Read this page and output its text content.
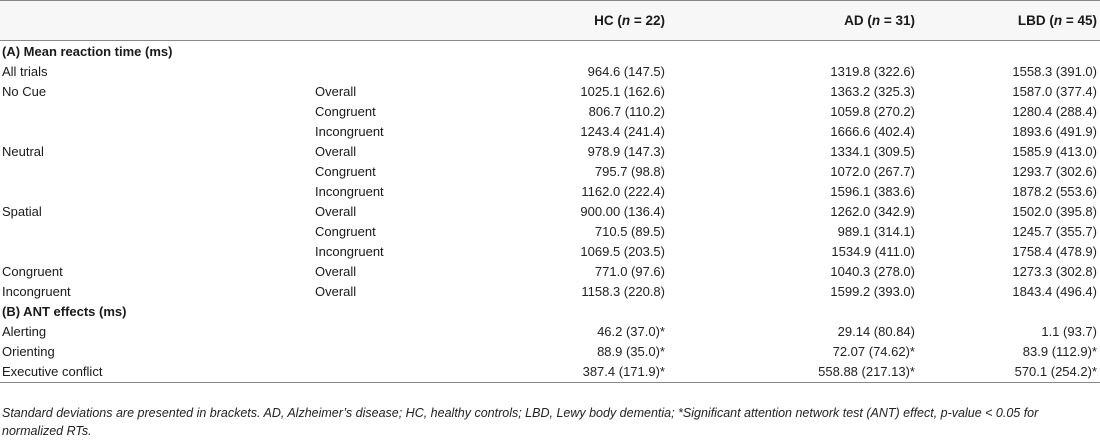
		HC (n = 22)	AD (n = 31)	LBD (n = 45)
(A) Mean reaction time (ms)				
All trials		964.6 (147.5)	1319.8 (322.6)	1558.3 (391.0)
No Cue	Overall	1025.1 (162.6)	1363.2 (325.3)	1587.0 (377.4)
	Congruent	806.7 (110.2)	1059.8 (270.2)	1280.4 (288.4)
	Incongruent	1243.4 (241.4)	1666.6 (402.4)	1893.6 (491.9)
Neutral	Overall	978.9 (147.3)	1334.1 (309.5)	1585.9 (413.0)
	Congruent	795.7 (98.8)	1072.0 (267.7)	1293.7 (302.6)
	Incongruent	1162.0 (222.4)	1596.1 (383.6)	1878.2 (553.6)
Spatial	Overall	900.00 (136.4)	1262.0 (342.9)	1502.0 (395.8)
	Congruent	710.5 (89.5)	989.1 (314.1)	1245.7 (355.7)
	Incongruent	1069.5 (203.5)	1534.9 (411.0)	1758.4 (478.9)
Congruent	Overall	771.0 (97.6)	1040.3 (278.0)	1273.3 (302.8)
Incongruent	Overall	1158.3 (220.8)	1599.2 (393.0)	1843.4 (496.4)
(B) ANT effects (ms)				
Alerting		46.2 (37.0)*	29.14 (80.84)	1.1 (93.7)
Orienting		88.9 (35.0)*	72.07 (74.62)*	83.9 (112.9)*
Executive conflict		387.4 (171.9)*	558.88 (217.13)*	570.1 (254.2)*
Standard deviations are presented in brackets. AD, Alzheimer’s disease; HC, healthy controls; LBD, Lewy body dementia; *Significant attention network test (ANT) effect, p-value < 0.05 for normalized RTs.
